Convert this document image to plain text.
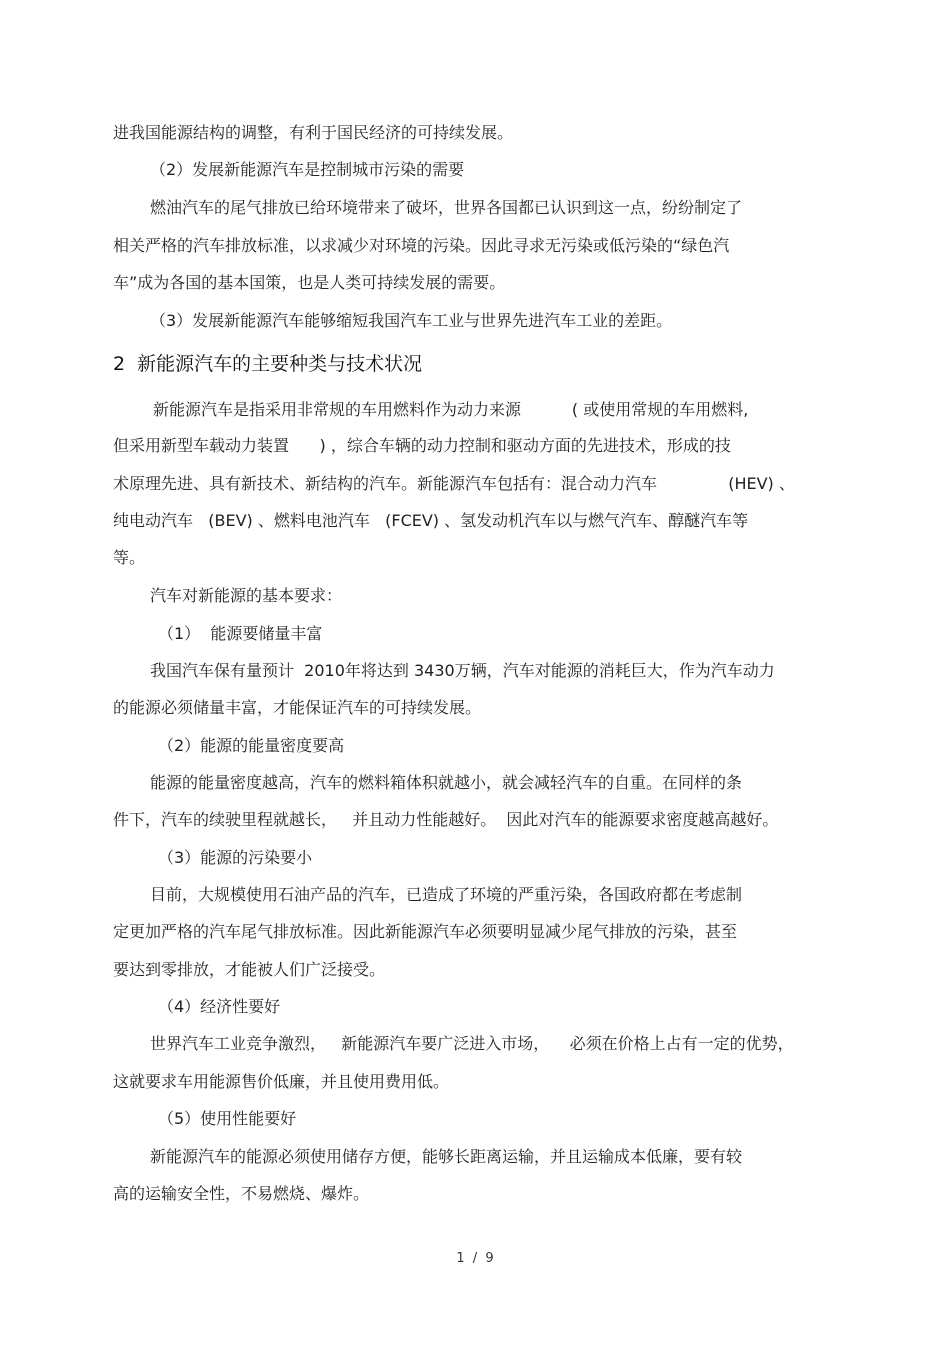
进我国能源结构的调整，有利于国民经济的可持续发展。
（2）发展新能源汽车是控制城市污染的需要
燃油汽车的尾气排放已给环境带来了破坏，世界各国都已认识到这一点，纷纷制定了
相关严格的汽车排放标准，以求减少对环境的污染。因此寻求无污染或低污染的“绿色汽
车”成为各国的基本国策，也是人类可持续发展的需要。
（3）发展新能源汽车能够缩短我国汽车工业与世界先进汽车工业的差距。
2  新能源汽车的主要种类与技术状况
新能源汽车是指采用非常规的车用燃料作为动力来源          ( 或使用常规的车用燃料,
但采用新型车载动力装置      ) ，综合车辆的动力控制和驱动方面的先进技术，形成的技
术原理先进、具有新技术、新结构的汽车。新能源汽车包括有：混合动力汽车              (HEV) 、
纯电动汽车   (BEV) 、燃料电池汽车   (FCEV) 、氢发动机汽车以与燃气汽车、醇醚汽车等
等。
汽车对新能源的基本要求：
（1）  能源要储量丰富
我国汽车保有量预计  2010年将达到 3430万辆，汽车对能源的消耗巨大，作为汽车动力
的能源必须储量丰富，才能保证汽车的可持续发展。
（2）能源的能量密度要高
能源的能量密度越高，汽车的燃料箱体积就越小，就会减轻汽车的自重。在同样的条
件下，汽车的续驶里程就越长，   并且动力性能越好。  因此对汽车的能源要求密度越高越好。
（3）能源的污染要小
目前，大规模使用石油产品的汽车，已造成了环境的严重污染，各国政府都在考虑制
定更加严格的汽车尾气排放标准。因此新能源汽车必须要明显减少尾气排放的污染，甚至
要达到零排放，才能被人们广泛接受。
（4）经济性要好
世界汽车工业竞争激烈，   新能源汽车要广泛进入市场，    必须在价格上占有一定的优势，
这就要求车用能源售价低廉，并且使用费用低。
（5）使用性能要好
新能源汽车的能源必须使用储存方便，能够长距离运输，并且运输成本低廉，要有较
高的运输安全性，不易燃烧、爆炸。
1 / 9
